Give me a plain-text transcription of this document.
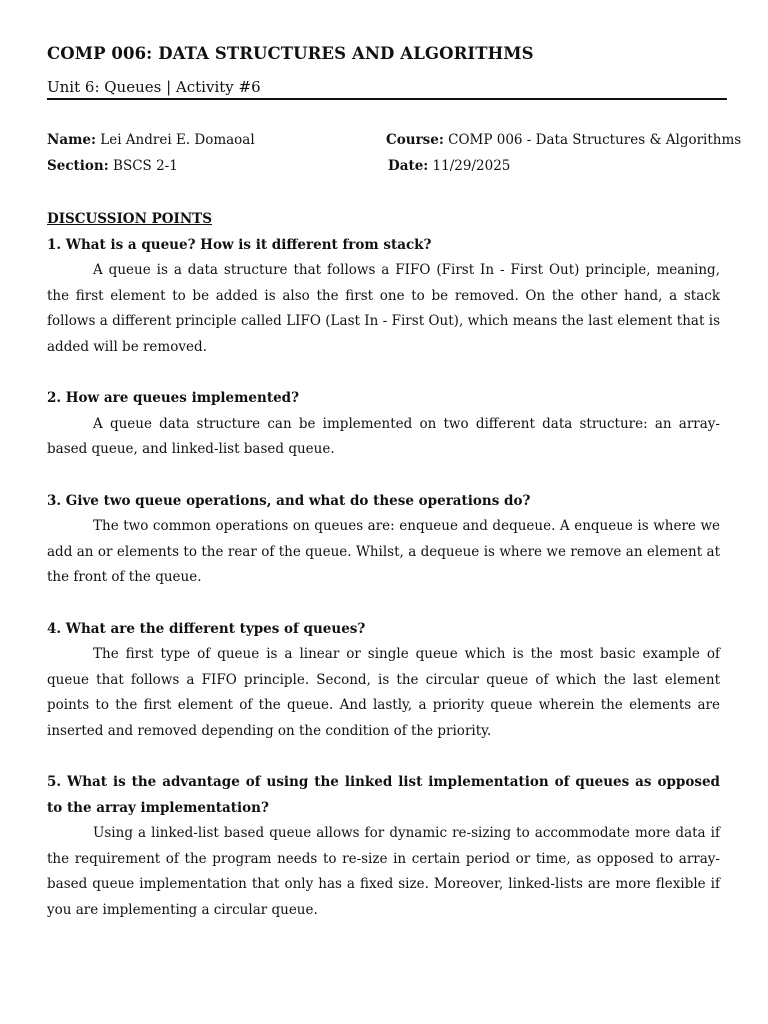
COMP 006: DATA STRUCTURES AND ALGORITHMS
Unit 6: Queues | Activity #6
Name: Lei Andrei E. Domaoal	Course: COMP 006 - Data Structures & Algorithms
Section: BSCS 2-1	Date: 11/29/2025

DISCUSSION POINTS

1. What is a queue? How is it different from stack?

A queue is a data structure that follows a FIFO (First In - First Out) principle, meaning, the first element to be added is also the first one to be removed. On the other hand, a stack follows a different principle called LIFO (Last In - First Out), which means the last element that is added will be removed.

2. How are queues implemented?

A queue data structure can be implemented on two different data structure: an array-based queue, and linked-list based queue.

3. Give two queue operations, and what do these operations do?

The two common operations on queues are: enqueue and dequeue. A enqueue is where we add an or elements to the rear of the queue. Whilst, a dequeue is where we remove an element at the front of the queue.

4. What are the different types of queues?

The first type of queue is a linear or single queue which is the most basic example of queue that follows a FIFO principle. Second, is the circular queue of which the last element points to the first element of the queue. And lastly, a priority queue wherein the elements are inserted and removed depending on the condition of the priority.

5. What is the advantage of using the linked list implementation of queues as opposed to the array implementation?

Using a linked-list based queue allows for dynamic re-sizing to accommodate more data if the requirement of the program needs to re-size in certain period or time, as opposed to array-based queue implementation that only has a fixed size. Moreover, linked-lists are more flexible if you are implementing a circular queue.
